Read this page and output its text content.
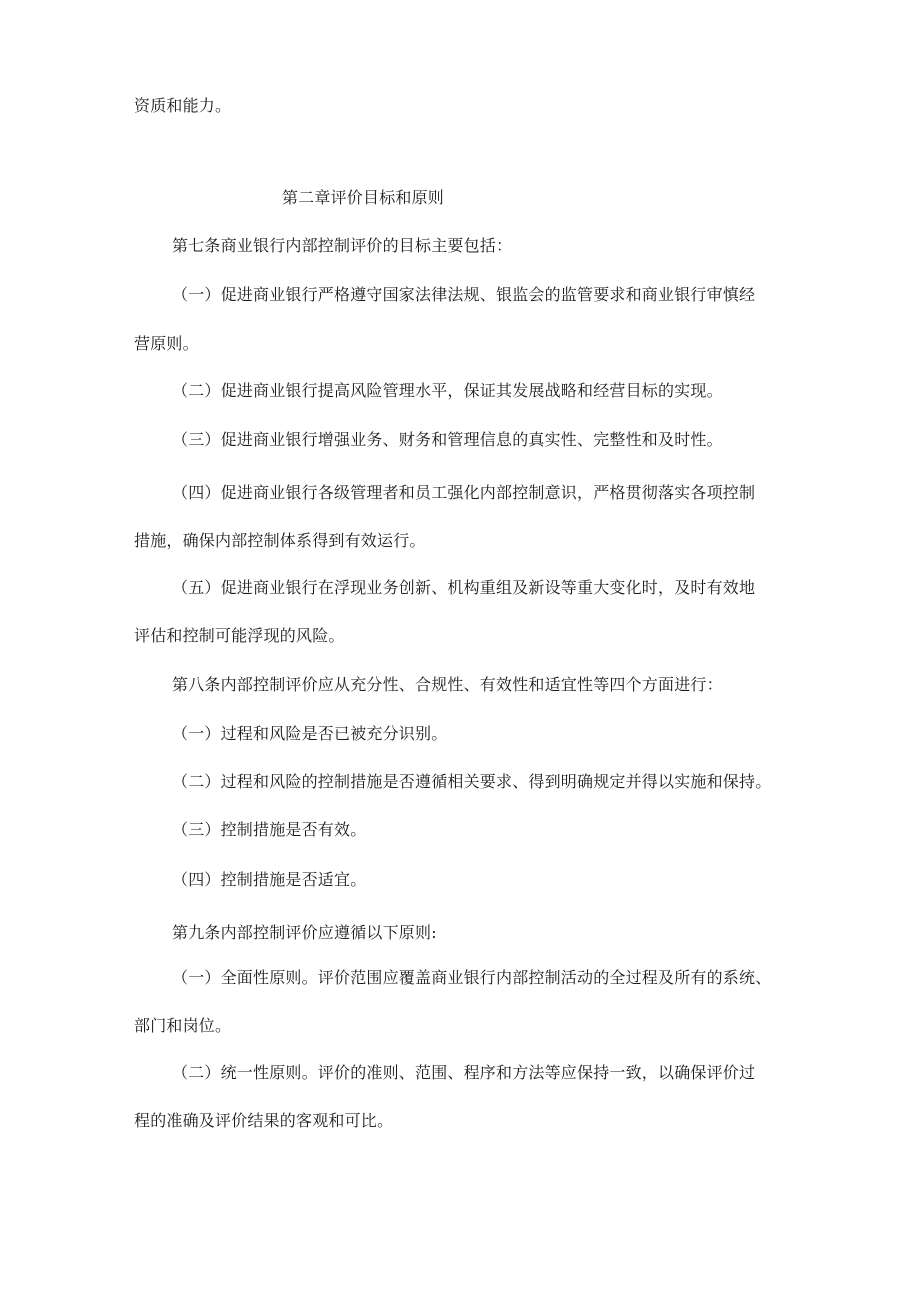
资质和能力。
第二章评价目标和原则
第七条商业银行内部控制评价的目标主要包括：
（一）促进商业银行严格遵守国家法律法规、银监会的监管要求和商业银行审慎经
营原则。
（二）促进商业银行提高风险管理水平，保证其发展战略和经营目标的实现。
（三）促进商业银行增强业务、财务和管理信息的真实性、完整性和及时性。
（四）促进商业银行各级管理者和员工强化内部控制意识，严格贯彻落实各项控制
措施，确保内部控制体系得到有效运行。
（五）促进商业银行在浮现业务创新、机构重组及新设等重大变化时，及时有效地
评估和控制可能浮现的风险。
第八条内部控制评价应从充分性、合规性、有效性和适宜性等四个方面进行：
（一）过程和风险是否已被充分识别。
（二）过程和风险的控制措施是否遵循相关要求、得到明确规定并得以实施和保持。
（三）控制措施是否有效。
（四）控制措施是否适宜。
第九条内部控制评价应遵循以下原则:
（一）全面性原则。评价范围应覆盖商业银行内部控制活动的全过程及所有的系统、
部门和岗位。
（二）统一性原则。评价的准则、范围、程序和方法等应保持一致，以确保评价过
程的准确及评价结果的客观和可比。
